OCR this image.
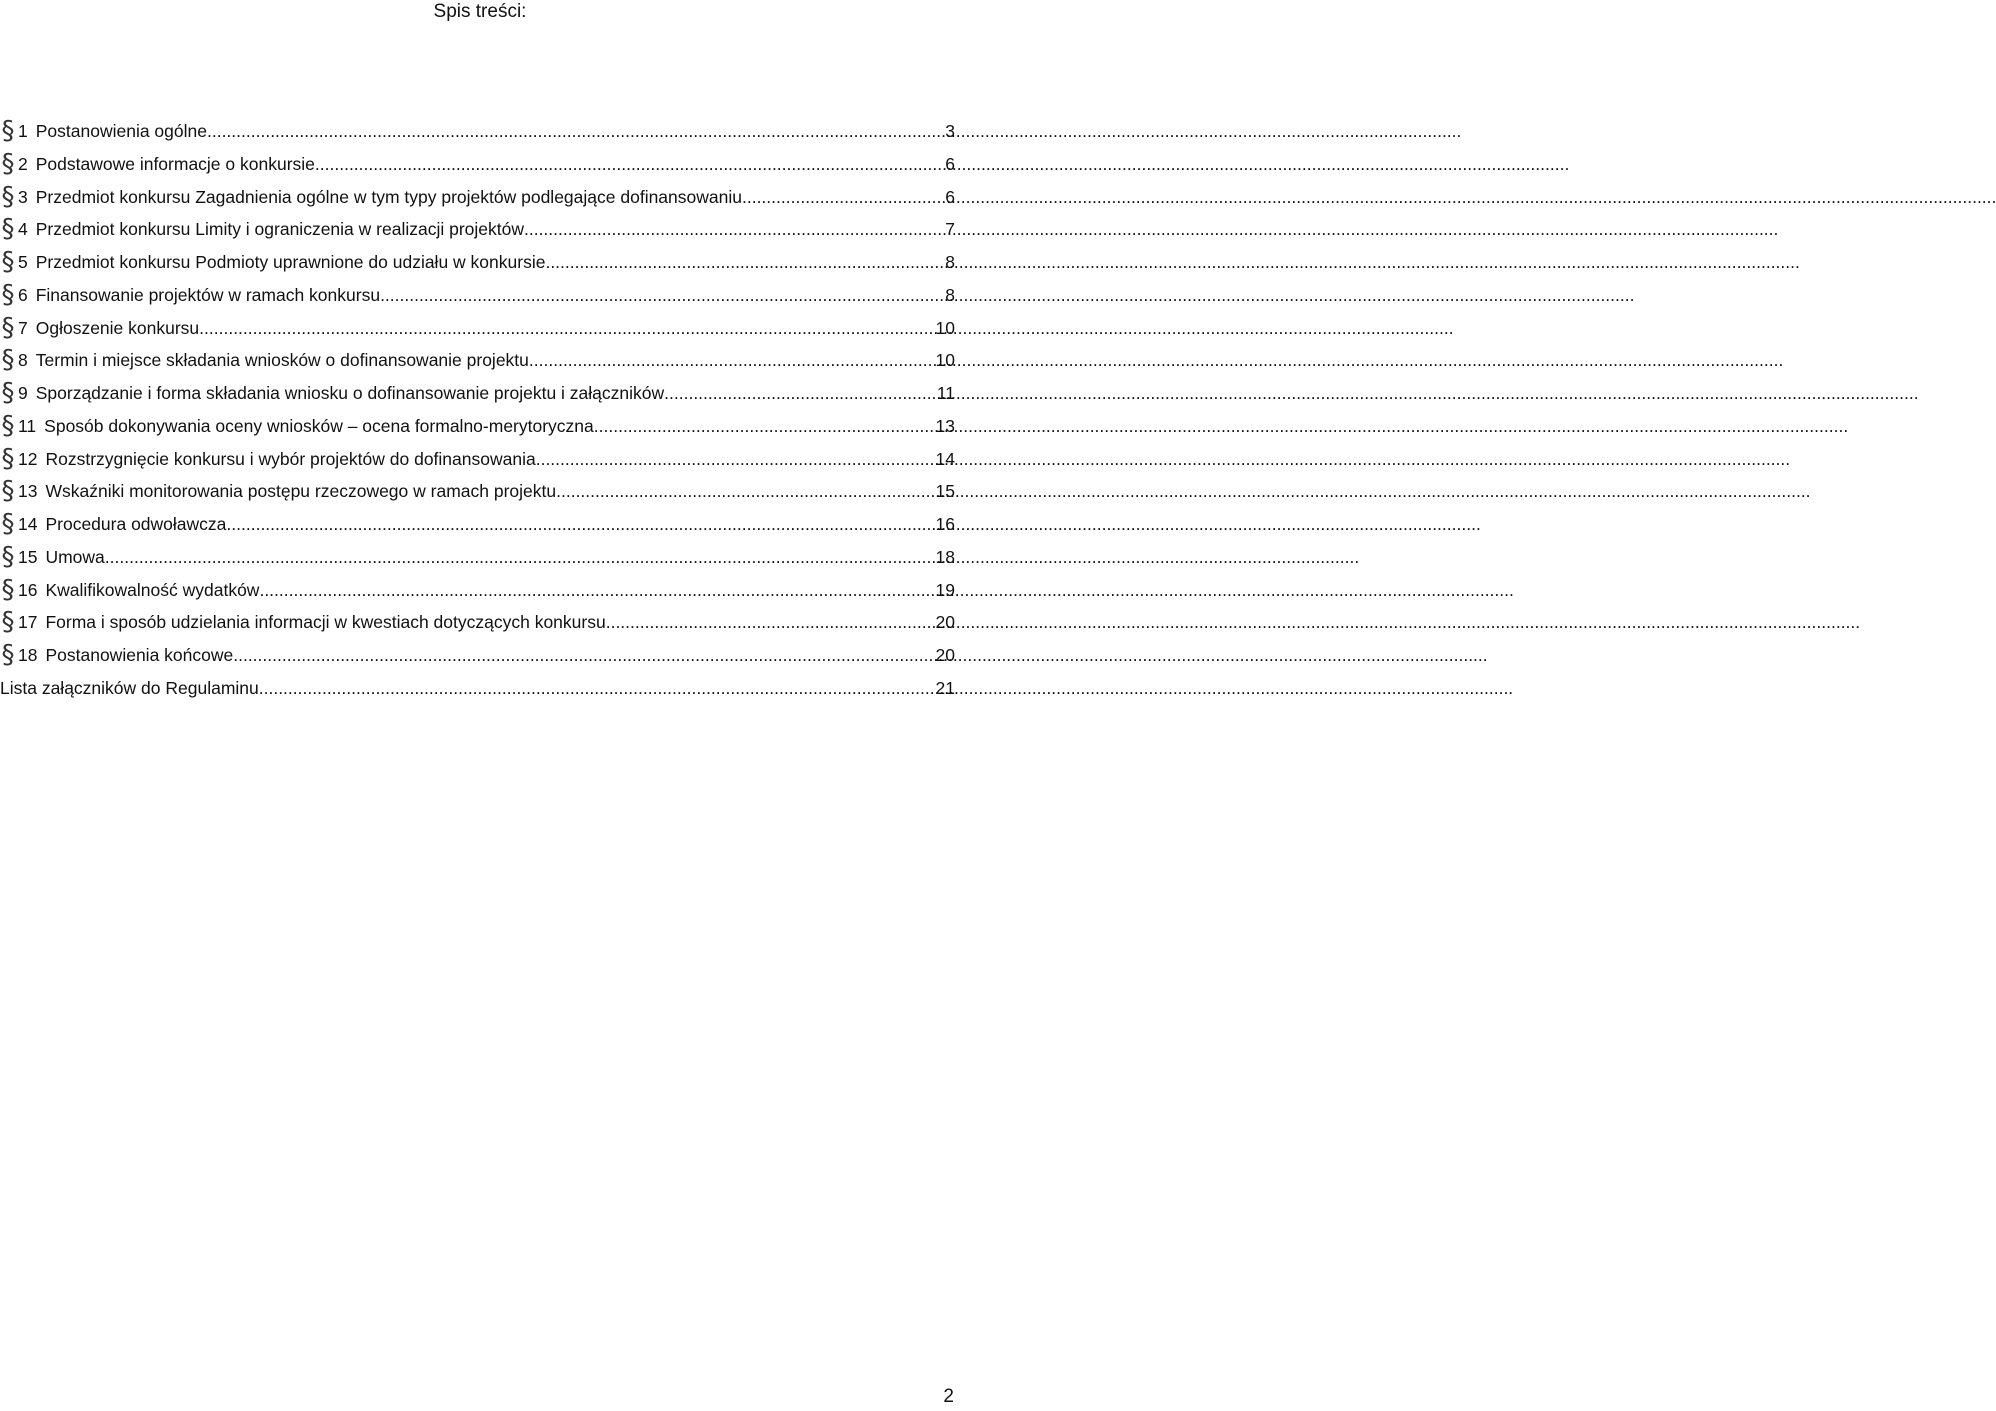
Spis treści:
§ 1 Postanowienia ogólne .....	3
§ 2 Podstawowe informacje o konkursie .....	6
§ 3 Przedmiot konkursu Zagadnienia ogólne w tym typy projektów podlegające dofinansowaniu .....	6
§ 4 Przedmiot konkursu Limity i ograniczenia w realizacji projektów .....	7
§ 5 Przedmiot konkursu Podmioty uprawnione do udziału w konkursie .....	8
§ 6 Finansowanie projektów w ramach konkursu .....	8
§ 7 Ogłoszenie konkursu .....	10
§ 8 Termin i miejsce składania wniosków o dofinansowanie projektu .....	10
§ 9 Sporządzanie i forma składania wniosku o dofinansowanie projektu i załączników .....	11
§ 11 Sposób dokonywania oceny wniosków – ocena formalno-merytoryczna .....	13
§ 12 Rozstrzygnięcie konkursu i wybór projektów do dofinansowania .....	14
§ 13 Wskaźniki monitorowania postępu rzeczowego w ramach projektu .....	15
§ 14 Procedura odwoławcza .....	16
§ 15 Umowa .....	18
§ 16 Kwalifikowalność wydatków .....	19
§ 17 Forma i sposób udzielania informacji w kwestiach dotyczących konkursu .....	20
§ 18 Postanowienia końcowe .....	20
Lista załączników do Regulaminu .....	21
2
